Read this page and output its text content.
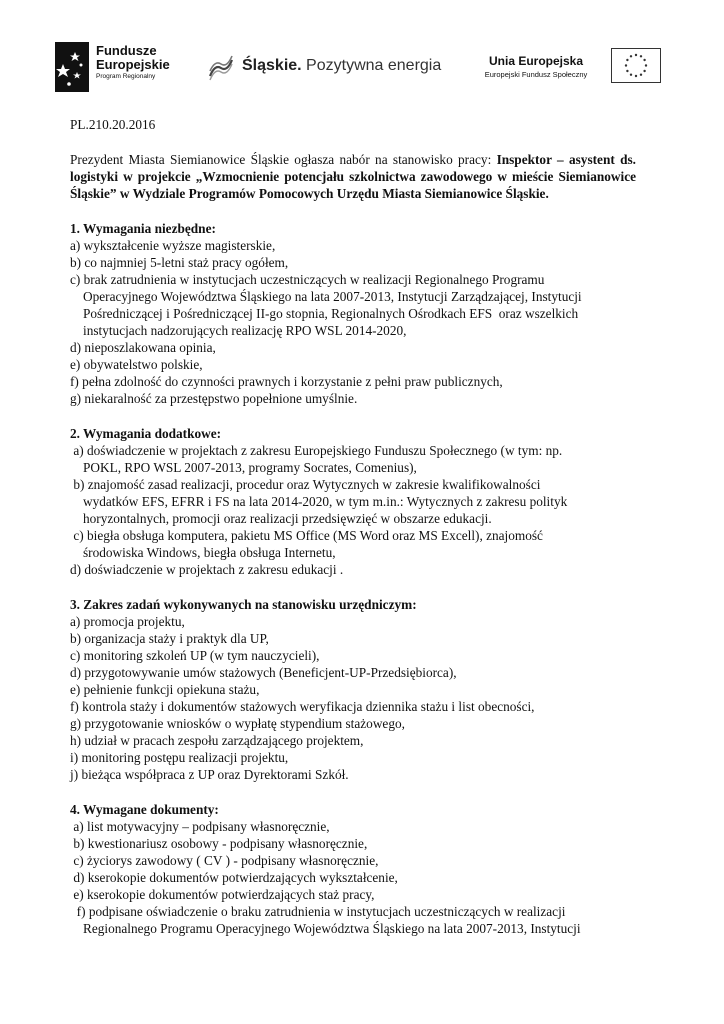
Fundusze
Europejskie
Program Regionalny
Śląskie. Pozytywna energia	Unia Europejska
Europejski Fundusz Społeczny

PL.210.20.2016

Prezydent Miasta Siemianowice Śląskie ogłasza nabór na stanowisko pracy: Inspektor – asystent ds. logistyki w projekcie „Wzmocnienie potencjału szkolnictwa zawodowego w mieście Siemianowice Śląskie” w Wydziale Programów Pomocowych Urzędu Miasta Siemianowice Śląskie.

1. Wymagania niezbędne:

a) wykształcenie wyższe magisterskie,

b) co najmniej 5-letni staż pracy ogółem,

c) brak zatrudnienia w instytucjach uczestniczących w realizacji Regionalnego Programu
Operacyjnego Województwa Śląskiego na lata 2007-2013, Instytucji Zarządzającej, Instytucji Pośredniczącej i Pośredniczącej II-go stopnia, Regionalnych Ośrodkach EFS  oraz wszelkich instytucjach nadzorujących realizację RPO WSL 2014-2020,

d) nieposzlakowana opinia,

e) obywatelstwo polskie,

f) pełna zdolność do czynności prawnych i korzystanie z pełni praw publicznych,

g) niekaralność za przestępstwo popełnione umyślnie.

2. Wymagania dodatkowe:

a) doświadczenie w projektach z zakresu Europejskiego Funduszu Społecznego (w tym: np.
POKL, RPO WSL 2007-2013, programy Socrates, Comenius),

b) znajomość zasad realizacji, procedur oraz Wytycznych w zakresie kwalifikowalności
wydatków EFS, EFRR i FS na lata 2014-2020, w tym m.in.: Wytycznych z zakresu polityk horyzontalnych, promocji oraz realizacji przedsięwzięć w obszarze edukacji.

c) biegła obsługa komputera, pakietu MS Office (MS Word oraz MS Excell), znajomość
środowiska Windows, biegła obsługa Internetu,

d) doświadczenie w projektach z zakresu edukacji .

3. Zakres zadań wykonywanych na stanowisku urzędniczym:

a) promocja projektu,

b) organizacja staży i praktyk dla UP,

c) monitoring szkoleń UP (w tym nauczycieli),

d) przygotowywanie umów stażowych (Beneficjent-UP-Przedsiębiorca),

e) pełnienie funkcji opiekuna stażu,

f) kontrola staży i dokumentów stażowych weryfikacja dziennika stażu i list obecności,

g) przygotowanie wniosków o wypłatę stypendium stażowego,

h) udział w pracach zespołu zarządzającego projektem,

i) monitoring postępu realizacji projektu,

j) bieżąca współpraca z UP oraz Dyrektorami Szkół.

4. Wymagane dokumenty:

a) list motywacyjny – podpisany własnoręcznie,

b) kwestionariusz osobowy - podpisany własnoręcznie,

c) życiorys zawodowy ( CV ) - podpisany własnoręcznie,

d) kserokopie dokumentów potwierdzających wykształcenie,

e) kserokopie dokumentów potwierdzających staż pracy,

f) podpisane oświadczenie o braku zatrudnienia w instytucjach uczestniczących w realizacji
Regionalnego Programu Operacyjnego Województwa Śląskiego na lata 2007-2013, Instytucji
